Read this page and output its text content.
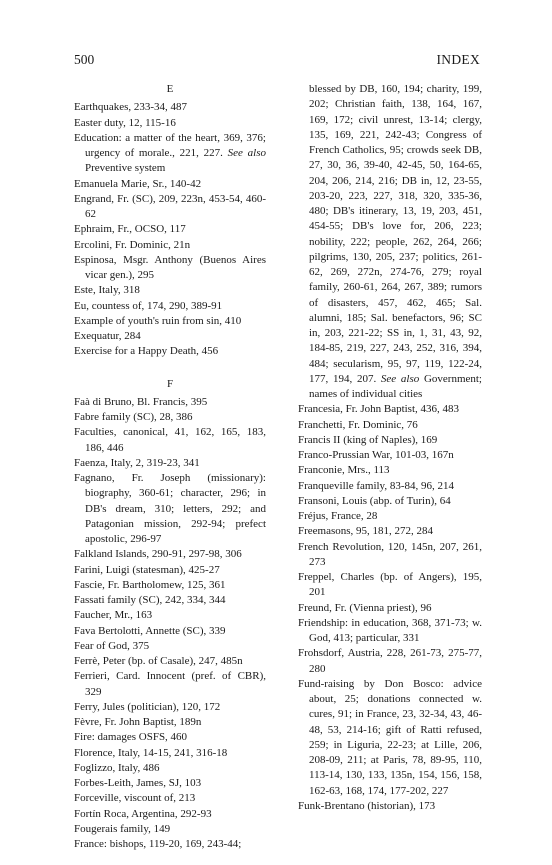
500	INDEX

E

Earthquakes, 233-34, 487

Easter duty, 12, 115-16

Education: a matter of the heart, 369, 376; urgency of morale., 221, 227. See also Preventive system

Emanuela Marie, Sr., 140-42

Engrand, Fr. (SC), 209, 223n, 453-54, 460-62

Ephraim, Fr., OCSO, 117

Ercolini, Fr. Dominic, 21n

Espinosa, Msgr. Anthony (Buenos Aires vicar gen.), 295

Este, Italy, 318

Eu, countess of, 174, 290, 389-91

Example of youth's ruin from sin, 410

Exequatur, 284

Exercise for a Happy Death, 456

F

Faà di Bruno, Bl. Francis, 395

Fabre family (SC), 28, 386

Faculties, canonical, 41, 162, 165, 183, 186, 446

Faenza, Italy, 2, 319-23, 341

Fagnano, Fr. Joseph (missionary): biography, 360-61; character, 296; in DB's dream, 310; letters, 292; and Patagonian mission, 292-94; prefect apostolic, 296-97

Falkland Islands, 290-91, 297-98, 306

Farini, Luigi (statesman), 425-27

Fascie, Fr. Bartholomew, 125, 361

Fassati family (SC), 242, 334, 344

Faucher, Mr., 163

Fava Bertolotti, Annette (SC), 339

Fear of God, 375

Ferrè, Peter (bp. of Casale), 247, 485n

Ferrieri, Card. Innocent (pref. of CBR), 329

Ferry, Jules (politician), 120, 172

Fèvre, Fr. John Baptist, 189n

Fire: damages OSFS, 460

Florence, Italy, 14-15, 241, 316-18

Foglizzo, Italy, 486

Forbes-Leith, James, SJ, 103

Forceville, viscount of, 213

Fortín Roca, Argentina, 292-93

Fougerais family, 149

France: bishops, 119-20, 169, 243-44;

blessed by DB, 160, 194; charity, 199, 202; Christian faith, 138, 164, 167, 169, 172; civil unrest, 13-14; clergy, 135, 169, 221, 242-43; Congress of French Catholics, 95; crowds seek DB, 27, 30, 36, 39-40, 42-45, 50, 164-65, 204, 206, 214, 216; DB in, 12, 23-55, 203-20, 223, 227, 318, 320, 335-36, 480; DB's itinerary, 13, 19, 203, 451, 454-55; DB's love for, 206, 223; nobility, 222; people, 262, 264, 266; pilgrims, 130, 205, 237; politics, 261-62, 269, 272n, 274-76, 279; royal family, 260-61, 264, 267, 389; rumors of disasters, 457, 462, 465; Sal. alumni, 185; Sal. benefactors, 96; SC in, 203, 221-22; SS in, 1, 31, 43, 92, 184-85, 219, 227, 243, 252, 316, 394, 484; secularism, 95, 97, 119, 122-24, 177, 194, 207. See also Government; names of individual cities

Francesia, Fr. John Baptist, 436, 483

Franchetti, Fr. Dominic, 76

Francis II (king of Naples), 169

Franco-Prussian War, 101-03, 167n

Franconie, Mrs., 113

Franqueville family, 83-84, 96, 214

Fransoni, Louis (abp. of Turin), 64

Fréjus, France, 28

Freemasons, 95, 181, 272, 284

French Revolution, 120, 145n, 207, 261, 273

Freppel, Charles (bp. of Angers), 195, 201

Freund, Fr. (Vienna priest), 96

Friendship: in education, 368, 371-73; w. God, 413; particular, 331

Frohsdorf, Austria, 228, 261-73, 275-77, 280

Fund-raising by Don Bosco: advice about, 25; donations connected w. cures, 91; in France, 23, 32-34, 43, 46-48, 53, 214-16; gift of Ratti refused, 259; in Liguria, 22-23; at Lille, 206, 208-09, 211; at Paris, 78, 89-95, 110, 113-14, 130, 133, 135n, 154, 156, 158, 162-63, 168, 174, 177-202, 227

Funk-Brentano (historian), 173
